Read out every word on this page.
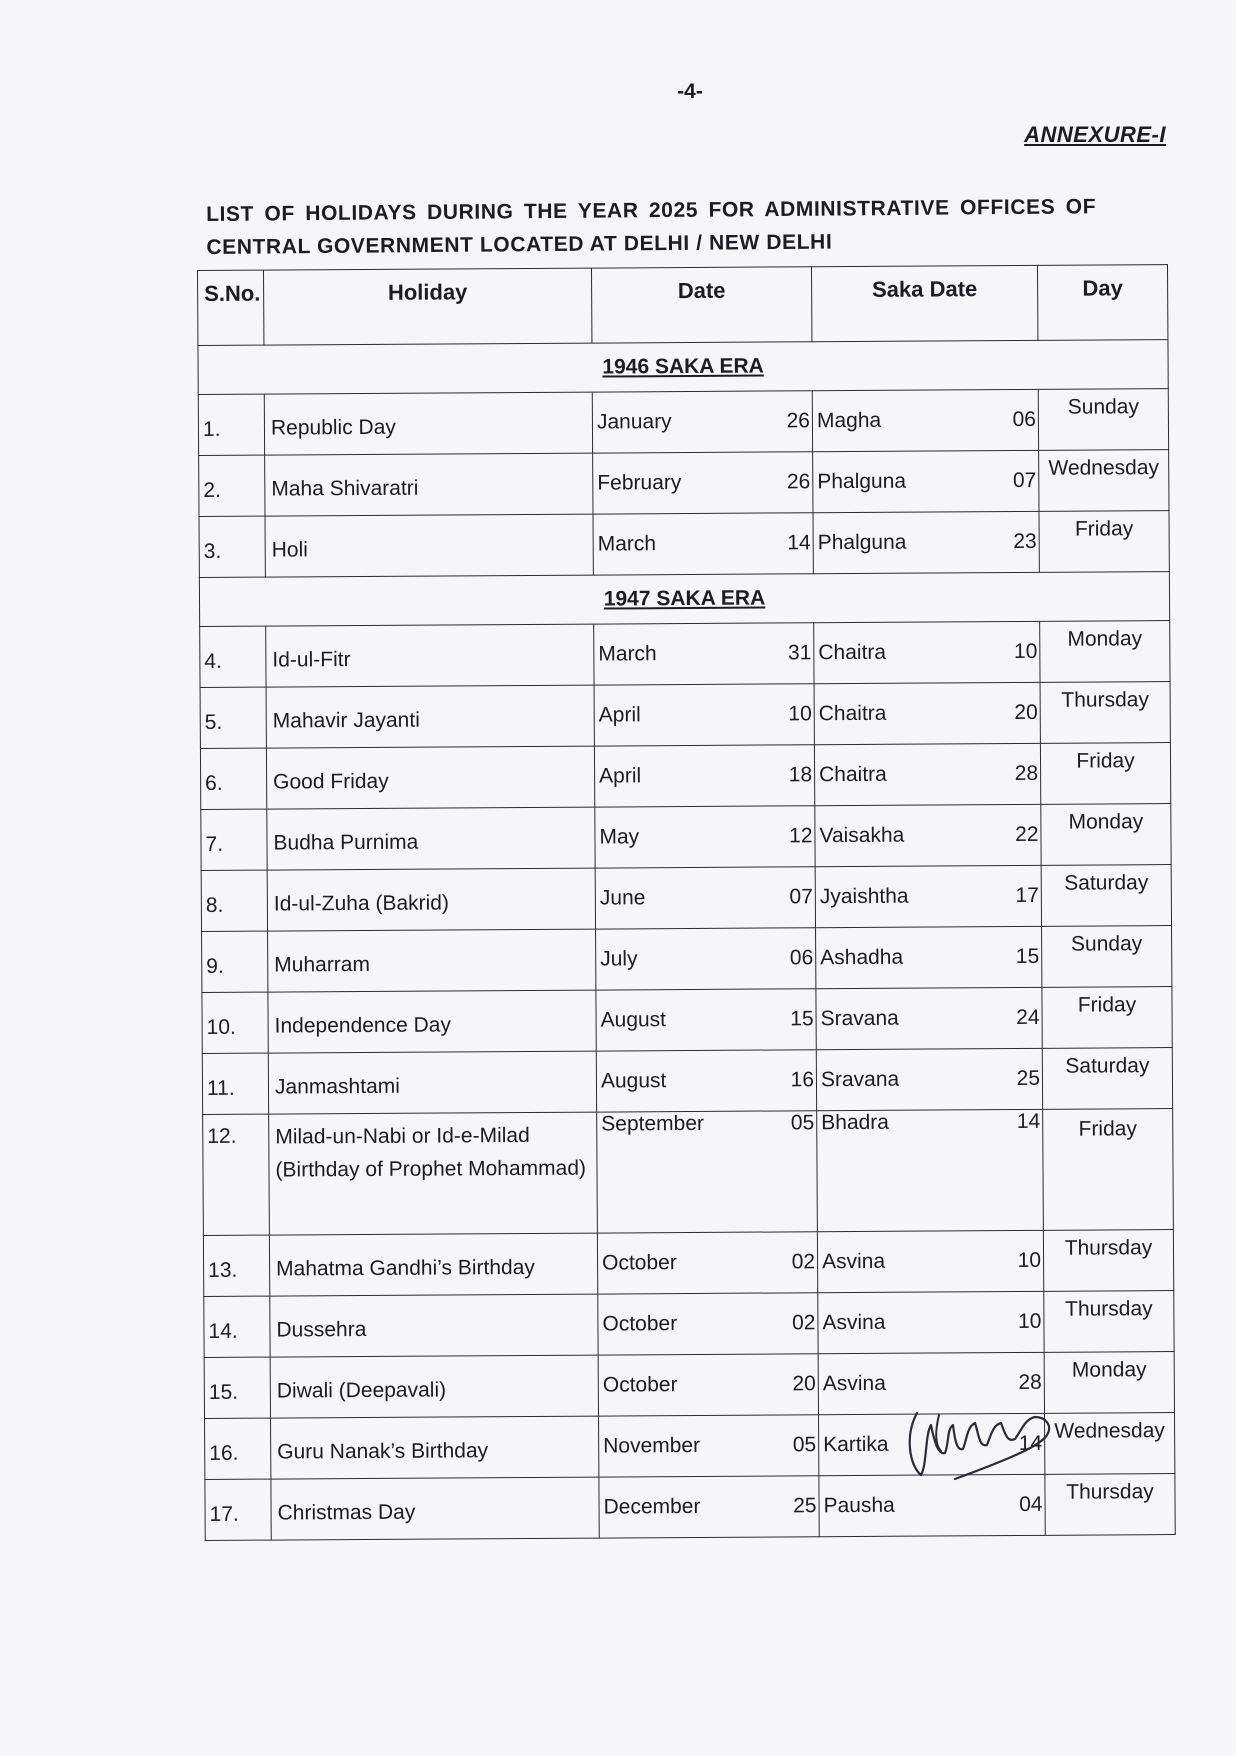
-4-
ANNEXURE-I
LIST OF HOLIDAYS DURING THE YEAR 2025 FOR ADMINISTRATIVE OFFICES OF
CENTRAL GOVERNMENT LOCATED AT DELHI / NEW DELHI
S.No.	Holiday	Date	Saka Date	Day
1946 SAKA ERA				
1.	Republic Day	January 26	Magha 06	Sunday
2.	Maha Shivaratri	February 26	Phalguna 07	Wednesday
3.	Holi	March 14	Phalguna 23	Friday
1947 SAKA ERA				
4.	Id-ul-Fitr	March 31	Chaitra 10	Monday
5.	Mahavir Jayanti	April 10	Chaitra 20	Thursday
6.	Good Friday	April 18	Chaitra 28	Friday
7.	Budha Purnima	May 12	Vaisakha 22	Monday
8.	Id-ul-Zuha (Bakrid)	June 07	Jyaishtha 17	Saturday
9.	Muharram	July 06	Ashadha 15	Sunday
10.	Independence Day	August 15	Sravana 24	Friday
11.	Janmashtami	August 16	Sravana 25	Saturday
12.	Milad-un-Nabi or Id-e-Milad (Birthday of Prophet Mohammad)	September 05	Bhadra 14	Friday
13.	Mahatma Gandhi’s Birthday	October 02	Asvina 10	Thursday
14.	Dussehra	October 02	Asvina 10	Thursday
15.	Diwali (Deepavali)	October 20	Asvina 28	Monday
16.	Guru Nanak’s Birthday	November 05	Kartika 14	Wednesday
17.	Christmas Day	December 25	Pausha 04	Thursday
